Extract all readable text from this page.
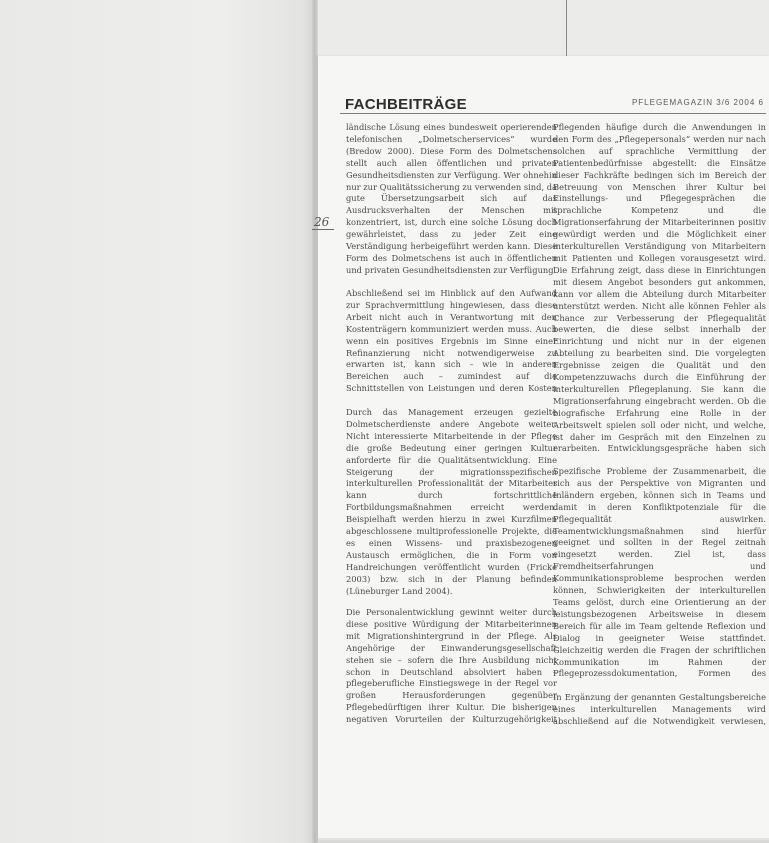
FACHBEITRÄGE	PFLEGEMAGAZIN 3/6 2004 6
26

ländische Lösung eines bundesweit operierenden telefonischen „Dolmetscherservices“ wurde (Bredow 2000). Diese Form des Dolmetschens stellt auch allen öffentlichen und privaten Gesundheitsdiensten zur Verfügung. Wer ohnehin nur zur Qualitätssicherung zu verwenden sind, da gute Übersetzungsarbeit sich auf das Ausdrucksverhalten der Menschen mit konzentriert, ist, durch eine solche Lösung doch gewährleistet, dass zu jeder Zeit eine Verständigung herbeigeführt werden kann. Diese Form des Dolmetschens ist auch in öffentlichen und privaten Gesundheitsdiensten zur Verfügung.

Abschließend sei im Hinblick auf den Aufwand zur Sprachvermittlung hingewiesen, dass diese Arbeit nicht auch in Verantwortung mit den Kostenträgern kommuniziert werden muss. Auch wenn ein positives Ergebnis im Sinne einer Refinanzierung nicht notwendigerweise zu erwarten ist, kann sich – wie in anderen Bereichen auch – zumindest auf die Schnittstellen von Leistungen und deren Kosten

Durch das Management erzeugen gezielte Dolmetscherdienste andere Angebote weiter. Nicht interessierte Mitarbeitende in der Pflege die große Bedeutung einer geringen Kultur anforderte für die Qualitätsentwicklung. Eine Steigerung der migrationsspezifischen interkulturellen Professionalität der Mitarbeiter kann durch fortschrittliche Fortbildungsmaßnahmen erreicht werden. Beispielhaft werden hierzu in zwei Kurzfilmen abgeschlossene multiprofessionelle Projekte, die es einen Wissens- und praxisbezogenen Austausch ermöglichen, die in Form von Handreichungen veröffentlicht wurden (Fricke 2003) bzw. sich in der Planung befinden (Lüneburger Land 2004).

Die Personalentwicklung gewinnt weiter durch diese positive Würdigung der Mitarbeiterinnen mit Migrationshintergrund in der Pflege. Als Angehörige der Einwanderungsgesellschaft stehen sie – sofern die Ihre Ausbildung nicht schon in Deutschland absolviert haben – pflegeberufliche Einstiegswege in der Regel vor großen Herausforderungen gegenüber Pflegebedürftigen ihrer Kultur. Die bisherigen negativen Vorurteilen der Kulturzugehörigkeit

Pflegenden häufige durch die Anwendungen in den Form des „Pflegepersonals“ werden nur nach solchen auf sprachliche Vermittlung der Patientenbedürfnisse abgestellt: die Einsätze dieser Fachkräfte bedingen sich im Bereich der Betreuung von Menschen ihrer Kultur bei Einstellungs- und Pflegegesprächen die sprachliche Kompetenz und die Migrationserfahrung der Mitarbeiterinnen positiv gewürdigt werden und die Möglichkeit einer interkulturellen Verständigung von Mitarbeitern mit Patienten und Kollegen vorausgesetzt wird. Die Erfahrung zeigt, dass diese in Einrichtungen mit diesem Angebot besonders gut ankommen, kann vor allem die Abteilung durch Mitarbeiter unterstützt werden. Nicht alle können Fehler als Chance zur Verbesserung der Pflegequalität bewerten, die diese selbst innerhalb der Einrichtung und nicht nur in der eigenen Abteilung zu bearbeiten sind. Die vorgelegten Ergebnisse zeigen die Qualität und den Kompetenzzuwachs durch die Einführung der interkulturellen Pflegeplanung. Sie kann die Migrationserfahrung eingebracht werden. Ob die biografische Erfahrung eine Rolle in der Arbeitswelt spielen soll oder nicht, und welche, ist daher im Gespräch mit den Einzelnen zu erarbeiten. Entwicklungsgespräche haben sich

Spezifische Probleme der Zusammenarbeit, die sich aus der Perspektive von Migranten und Inländern ergeben, können sich in Teams und damit in deren Konfliktpotenziale für die Pflegequalität auswirken. Teamentwicklungsmaßnahmen sind hierfür geeignet und sollten in der Regel zeitnah eingesetzt werden. Ziel ist, dass Fremdheitserfahrungen und Kommunikationsprobleme besprochen werden können, Schwierigkeiten der interkulturellen Teams gelöst, durch eine Orientierung an der leistungsbezogenen Arbeitsweise in diesem Bereich für alle im Team geltende Reflexion und Dialog in geeigneter Weise stattfindet. Gleichzeitig werden die Fragen der schriftlichen Kommunikation im Rahmen der Pflegeprozessdokumentation, Formen des

In Ergänzung der genannten Gestaltungsbereiche eines interkulturellen Managements wird abschließend auf die Notwendigkeit verwiesen,
